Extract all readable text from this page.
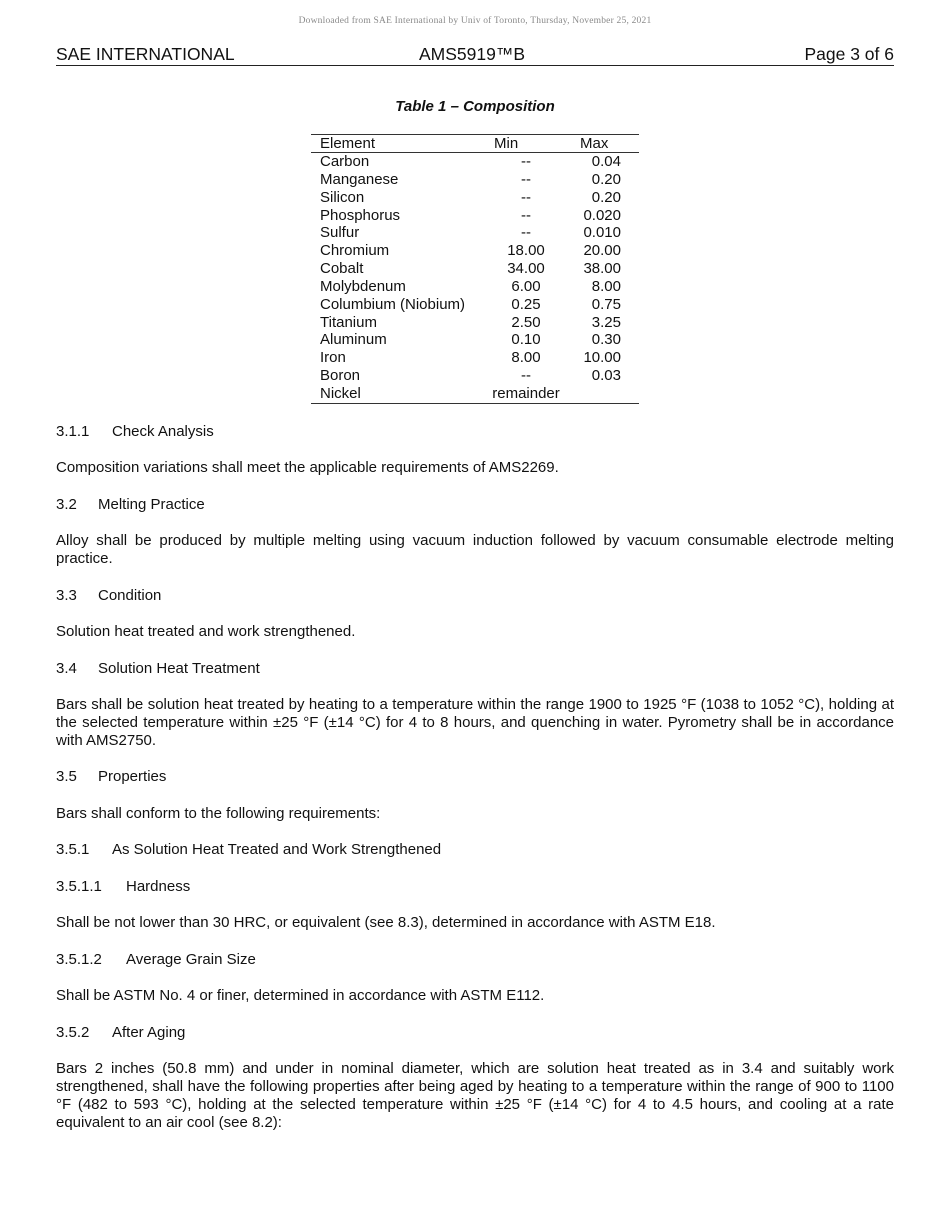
Downloaded from SAE International by Univ of Toronto, Thursday, November 25, 2021
SAE INTERNATIONAL	AMS5919™B	Page 3 of 6
Table 1 – Composition
Element	Min	Max
Carbon	--	0.04
Manganese	--	0.20
Silicon	--	0.20
Phosphorus	--	0.020
Sulfur	--	0.010
Chromium	18.00	20.00
Cobalt	34.00	38.00
Molybdenum	6.00	8.00
Columbium (Niobium)	0.25	0.75
Titanium	2.50	3.25
Aluminum	0.10	0.30
Iron	8.00	10.00
Boron	--	0.03
Nickel	remainder
3.1.1 Check Analysis
Composition variations shall meet the applicable requirements of AMS2269.
3.2 Melting Practice
Alloy shall be produced by multiple melting using vacuum induction followed by vacuum consumable electrode melting practice.
3.3 Condition
Solution heat treated and work strengthened.
3.4 Solution Heat Treatment
Bars shall be solution heat treated by heating to a temperature within the range 1900 to 1925 °F (1038 to 1052 °C), holding at the selected temperature within ±25 °F (±14 °C) for 4 to 8 hours, and quenching in water. Pyrometry shall be in accordance with AMS2750.
3.5 Properties
Bars shall conform to the following requirements:
3.5.1 As Solution Heat Treated and Work Strengthened
3.5.1.1 Hardness
Shall be not lower than 30 HRC, or equivalent (see 8.3), determined in accordance with ASTM E18.
3.5.1.2 Average Grain Size
Shall be ASTM No. 4 or finer, determined in accordance with ASTM E112.
3.5.2 After Aging
Bars 2 inches (50.8 mm) and under in nominal diameter, which are solution heat treated as in 3.4 and suitably work strengthened, shall have the following properties after being aged by heating to a temperature within the range of 900 to 1100 °F (482 to 593 °C), holding at the selected temperature within ±25 °F (±14 °C) for 4 to 4.5 hours, and cooling at a rate equivalent to an air cool (see 8.2):
